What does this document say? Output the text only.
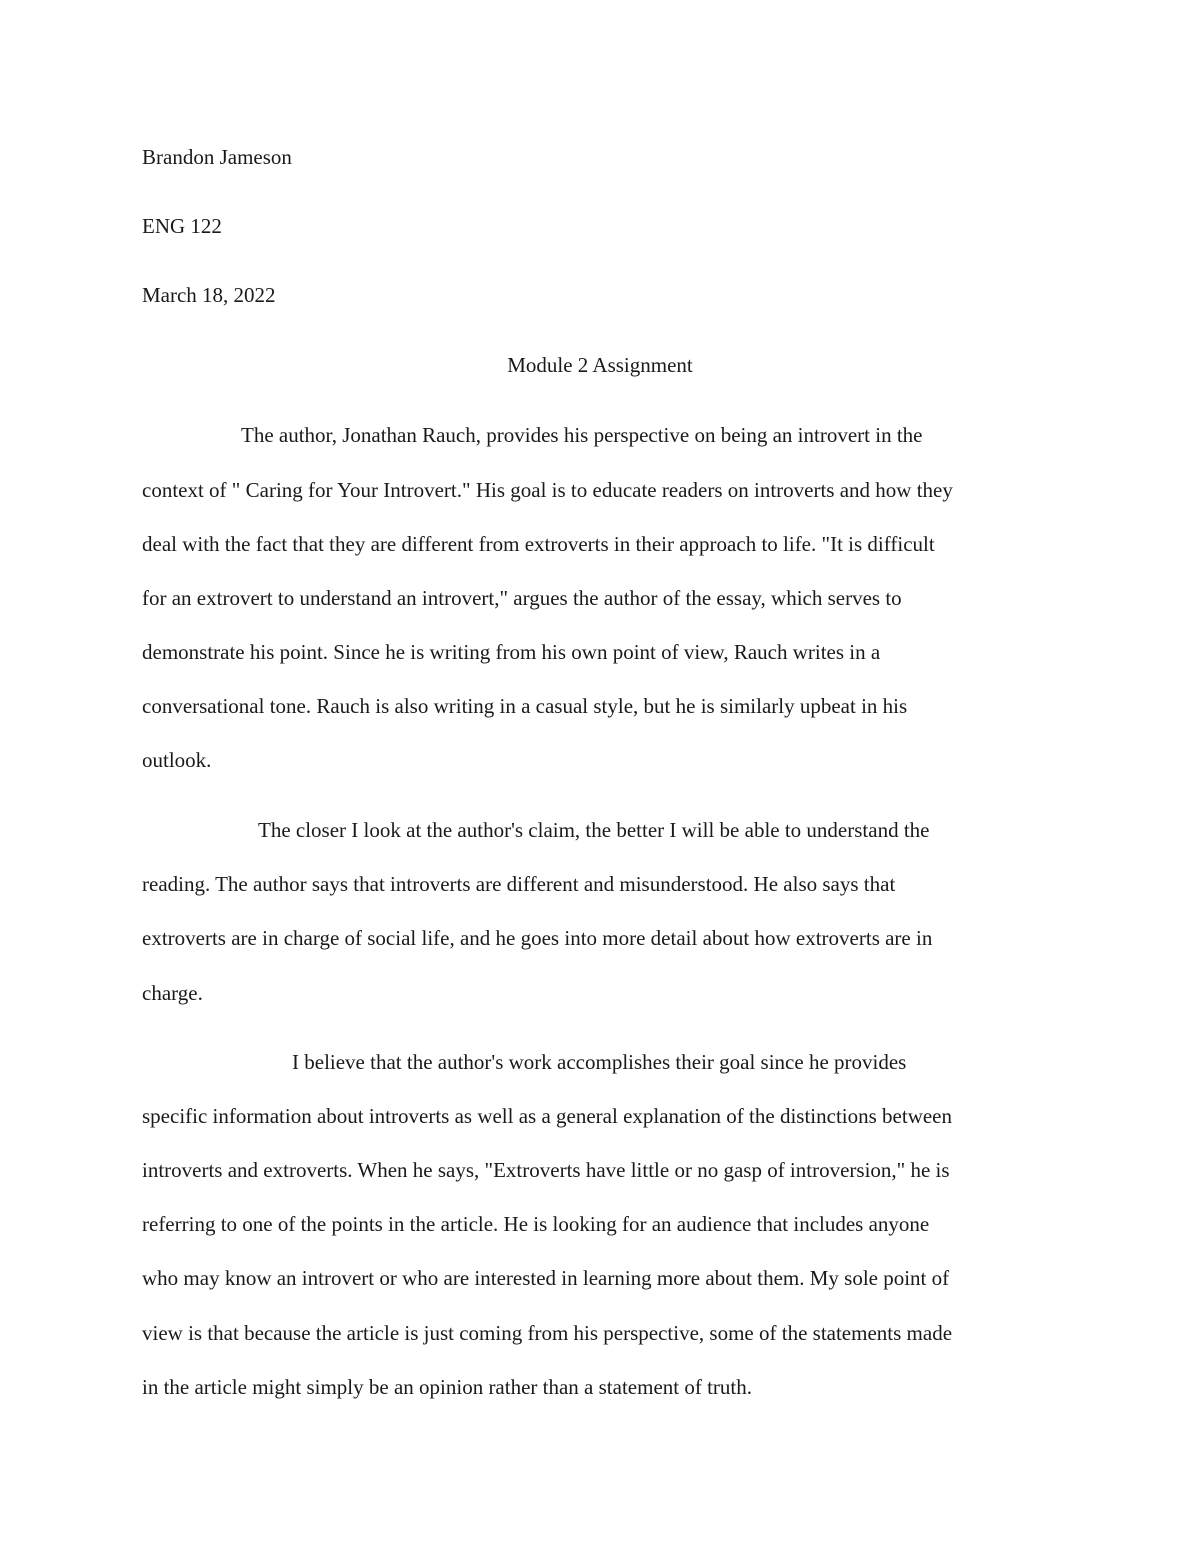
Brandon Jameson
ENG 122
March 18, 2022
Module 2 Assignment
The author, Jonathan Rauch, provides his perspective on being an introvert in the
context of " Caring for Your Introvert." His goal is to educate readers on introverts and how they
deal with the fact that they are different from extroverts in their approach to life. "It is difficult
for an extrovert to understand an introvert," argues the author of the essay, which serves to
demonstrate his point. Since he is writing from his own point of view, Rauch writes in a
conversational tone. Rauch is also writing in a casual style, but he is similarly upbeat in his
outlook.
The closer I look at the author's claim, the better I will be able to understand the
reading. The author says that introverts are different and misunderstood. He also says that
extroverts are in charge of social life, and he goes into more detail about how extroverts are in
charge.
I believe that the author's work accomplishes their goal since he provides
specific information about introverts as well as a general explanation of the distinctions between
introverts and extroverts. When he says, "Extroverts have little or no gasp of introversion," he is
referring to one of the points in the article. He is looking for an audience that includes anyone
who may know an introvert or who are interested in learning more about them. My sole point of
view is that because the article is just coming from his perspective, some of the statements made
in the article might simply be an opinion rather than a statement of truth.
